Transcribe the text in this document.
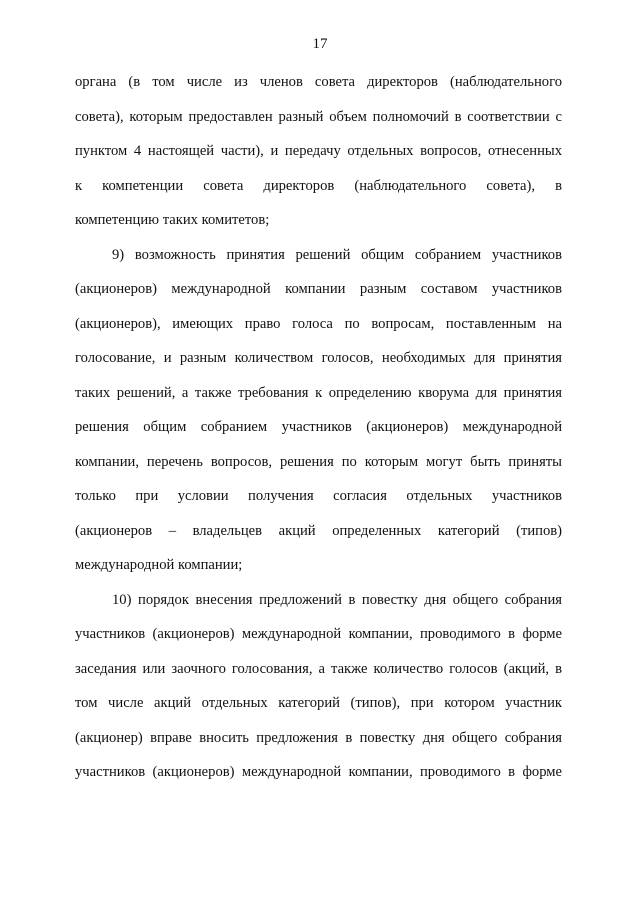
17
органа (в том числе из членов совета директоров (наблюдательного
совета), которым предоставлен разный объем полномочий в соответствии с
пунктом 4 настоящей части), и передачу отдельных вопросов, отнесенных
к компетенции совета директоров (наблюдательного совета), в
компетенцию таких комитетов;
9) возможность принятия решений общим собранием участников
(акционеров) международной компании разным составом участников
(акционеров), имеющих право голоса по вопросам, поставленным на
голосование, и разным количеством голосов, необходимых для принятия
таких решений, а также требования к определению кворума для принятия
решения общим собранием участников (акционеров) международной
компании, перечень вопросов, решения по которым могут быть приняты
только при условии получения согласия отдельных участников
(акционеров – владельцев акций определенных категорий (типов)
международной компании;
10) порядок внесения предложений в повестку дня общего собрания
участников (акционеров) международной компании, проводимого в форме
заседания или заочного голосования, а также количество голосов (акций, в
том числе акций отдельных категорий (типов), при котором участник
(акционер) вправе вносить предложения в повестку дня общего собрания
участников (акционеров) международной компании, проводимого в форме
